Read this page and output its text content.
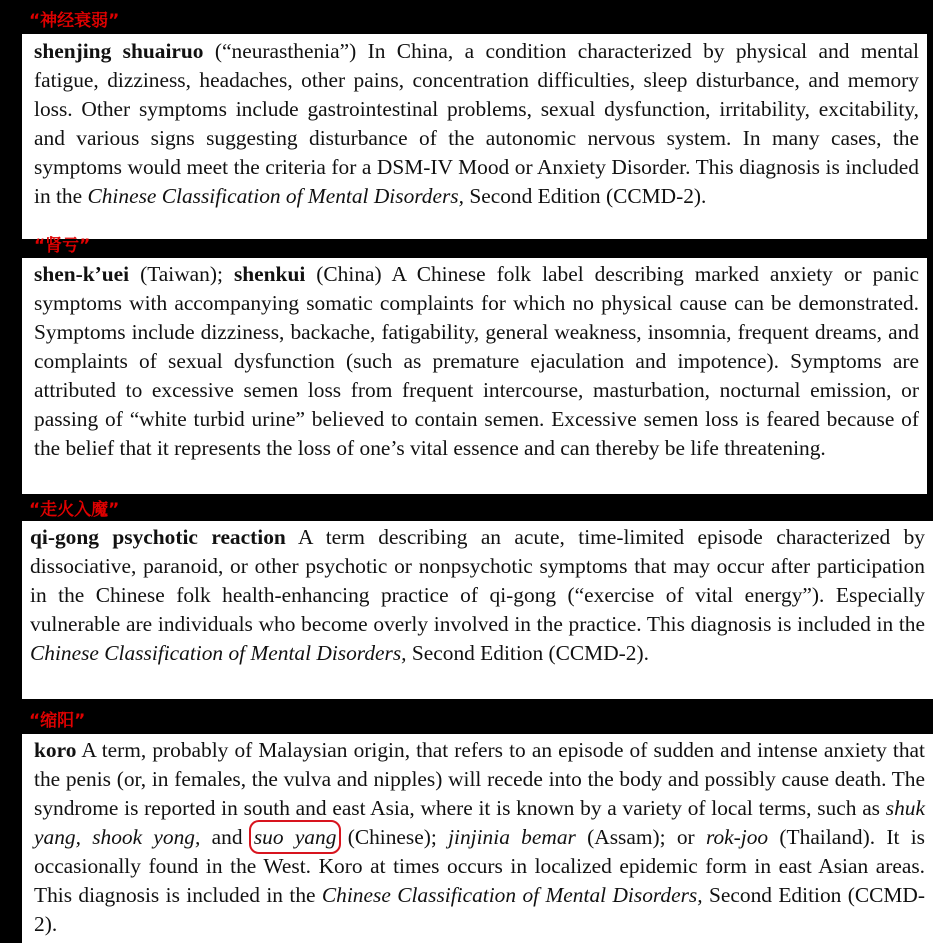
“神经衰弱”

shenjing shuairuo (“neurasthenia”) In China, a condition characterized by physical and mental fatigue, dizziness, headaches, other pains, concentration difficulties, sleep disturbance, and memory loss. Other symptoms include gastrointestinal problems, sexual dysfunction, irritability, excitability, and various signs suggesting disturbance of the autonomic nervous system. In many cases, the symptoms would meet the criteria for a DSM-IV Mood or Anxiety Disorder. This diagnosis is included in the Chinese Classification of Mental Disorders, Second Edition (CCMD-2).

“肾亏”

shen-k’uei (Taiwan); shenkui (China) A Chinese folk label describing marked anxiety or panic symptoms with accompanying somatic complaints for which no physical cause can be demonstrated. Symptoms include dizziness, backache, fatigability, general weakness, insomnia, frequent dreams, and complaints of sexual dysfunction (such as premature ejaculation and impotence). Symptoms are attributed to excessive semen loss from frequent intercourse, masturbation, nocturnal emission, or passing of “white turbid urine” believed to contain semen. Excessive semen loss is feared because of the belief that it represents the loss of one’s vital essence and can thereby be life threatening.

“走火入魔”

qi-gong psychotic reaction A term describing an acute, time-limited episode characterized by dissociative, paranoid, or other psychotic or nonpsychotic symptoms that may occur after participation in the Chinese folk health-enhancing practice of qi-gong (“exercise of vital energy”). Especially vulnerable are individuals who become overly involved in the practice. This diagnosis is included in the Chinese Classification of Mental Disorders, Second Edition (CCMD-2).

“缩阳”

koro A term, probably of Malaysian origin, that refers to an episode of sudden and intense anxiety that the penis (or, in females, the vulva and nipples) will recede into the body and possibly cause death. The syndrome is reported in south and east Asia, where it is known by a variety of local terms, such as shuk yang, shook yong, and suo yang (Chinese); jinjinia bemar (Assam); or rok-joo (Thailand). It is occasionally found in the West. Koro at times occurs in localized epidemic form in east Asian areas. This diagnosis is included in the Chinese Classification of Mental Disorders, Second Edition (CCMD-2).
